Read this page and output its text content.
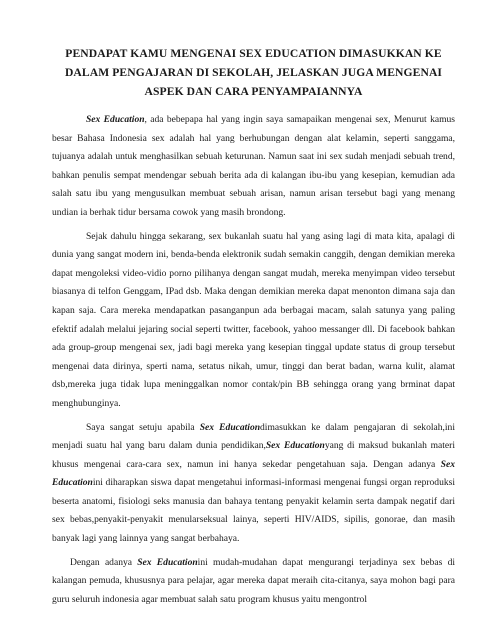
PENDAPAT KAMU MENGENAI SEX EDUCATION DIMASUKKAN KE
DALAM PENGAJARAN DI SEKOLAH, JELASKAN JUGA MENGENAI
ASPEK DAN CARA PENYAMPAIANNYA

Sex Education, ada bebepapa hal yang ingin saya samapaikan mengenai sex, Menurut kamus besar Bahasa Indonesia sex adalah hal yang berhubungan dengan alat kelamin, seperti sanggama, tujuanya adalah untuk menghasilkan sebuah keturunan. Namun saat ini sex sudah menjadi sebuah trend, bahkan penulis sempat mendengar sebuah berita ada di kalangan ibu-ibu yang kesepian, kemudian ada salah satu ibu yang mengusulkan membuat sebuah arisan, namun arisan tersebut bagi yang menang undian ia berhak tidur bersama cowok yang masih brondong.

Sejak dahulu hingga sekarang, sex bukanlah suatu hal yang asing lagi di mata kita, apalagi di dunia yang sangat modern ini, benda-benda elektronik sudah semakin canggih, dengan demikian mereka dapat mengoleksi video-vidio porno pilihanya dengan sangat mudah, mereka menyimpan video tersebut biasanya di telfon Genggam, IPad dsb. Maka dengan demikian mereka dapat menonton dimana saja dan kapan saja. Cara mereka mendapatkan pasanganpun ada berbagai macam, salah satunya yang paling efektif adalah melalui jejaring social seperti twitter, facebook, yahoo messanger dll. Di facebook bahkan ada group-group mengenai sex, jadi bagi mereka yang kesepian tinggal update status di group tersebut mengenai data dirinya, sperti nama, setatus nikah, umur, tinggi dan berat badan, warna kulit, alamat dsb,mereka juga tidak lupa meninggalkan nomor contak/pin BB sehingga orang yang brminat dapat menghubunginya.

Saya sangat setuju apabila Sex Educationdimasukkan ke dalam pengajaran di sekolah,ini menjadi suatu hal yang baru dalam dunia pendidikan,Sex Educationyang di maksud bukanlah materi khusus mengenai cara-cara sex, namun ini hanya sekedar pengetahuan saja. Dengan adanya Sex Educationini diharapkan siswa dapat mengetahui informasi-informasi mengenai fungsi organ reproduksi beserta anatomi, fisiologi seks manusia dan bahaya tentang penyakit kelamin serta dampak negatif dari sex bebas,penyakit-penyakit menularseksual lainya, seperti HIV/AIDS, sipilis, gonorae, dan masih banyak lagi yang lainnya yang sangat berbahaya.

Dengan adanya Sex Educationini mudah-mudahan dapat mengurangi terjadinya sex bebas di kalangan pemuda, khususnya para pelajar, agar mereka dapat meraih cita-citanya, saya mohon bagi para guru seluruh indonesia agar membuat salah satu program khusus yaitu mengontrol
